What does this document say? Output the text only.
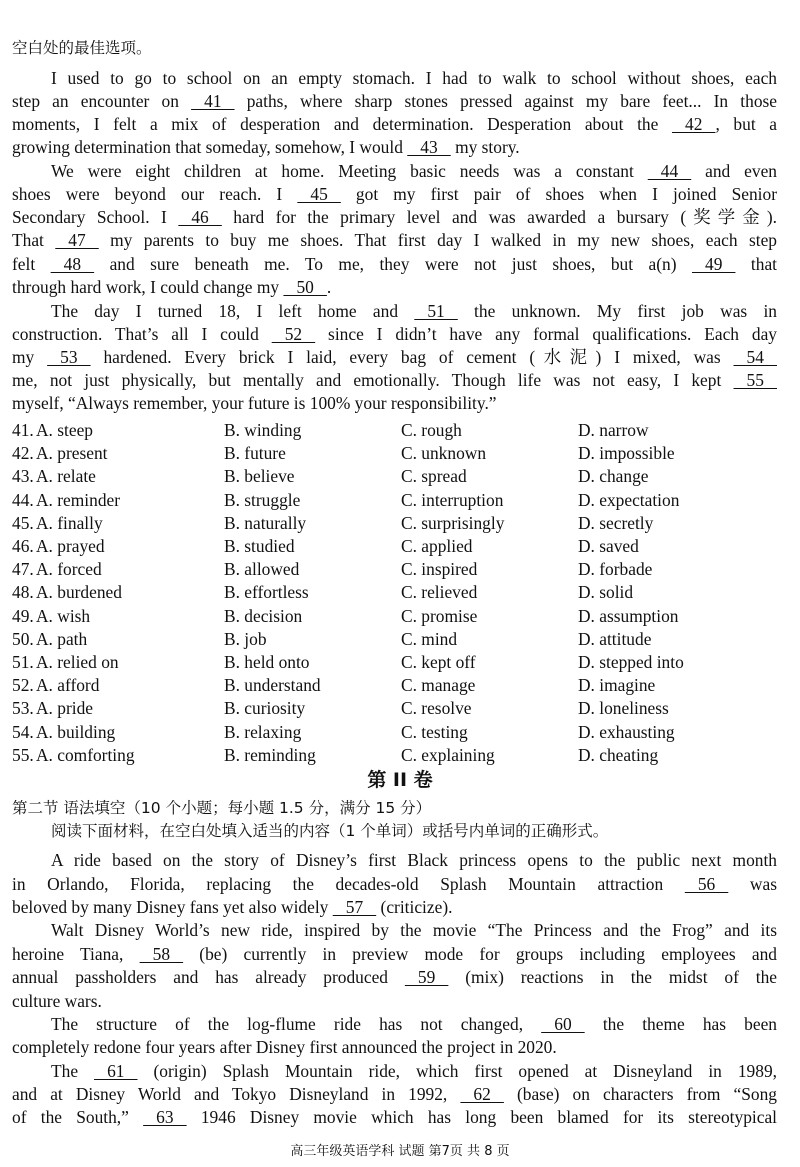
空白处的最佳选项。
I used to go to school on an empty stomach. I had to walk to school without shoes, each
step an encounter on    41    paths, where sharp stones pressed against my bare feet... In those
moments, I felt a mix of desperation and determination. Desperation about the    42   , but a
growing determination that someday, somehow, I would    43    my story.
We were eight children at home. Meeting basic needs was a constant    44    and even
shoes were beyond our reach. I    45    got my first pair of shoes when I joined Senior
Secondary School. I    46    hard for the primary level and was awarded a bursary (奖学金).
That    47    my parents to buy me shoes. That first day I walked in my new shoes, each step
felt    48    and sure beneath me. To me, they were not just shoes, but a(n)    49    that
through hard work, I could change my    50   .
The day I turned 18, I left home and    51    the unknown. My first job was in
construction. That’s all I could    52    since I didn’t have any formal qualifications. Each day
my    53    hardened. Every brick I laid, every bag of cement (水泥) I mixed, was    54
me, not just physically, but mentally and emotionally. Though life was not easy, I kept    55
myself, “Always remember, your future is 100% your responsibility.”
41. A. steep	B. winding	C. rough	D. narrow
42. A. present	B. future	C. unknown	D. impossible
43. A. relate	B. believe	C. spread	D. change
44. A. reminder	B. struggle	C. interruption	D. expectation
45. A. finally	B. naturally	C. surprisingly	D. secretly
46. A. prayed	B. studied	C. applied	D. saved
47. A. forced	B. allowed	C. inspired	D. forbade
48. A. burdened	B. effortless	C. relieved	D. solid
49. A. wish	B. decision	C. promise	D. assumption
50. A. path	B. job	C. mind	D. attitude
51. A. relied on	B. held onto	C. kept off	D. stepped into
52. A. afford	B. understand	C. manage	D. imagine
53. A. pride	B. curiosity	C. resolve	D. loneliness
54. A. building	B. relaxing	C. testing	D. exhausting
55. A. comforting	B. reminding	C. explaining	D. cheating
第 II 卷
第二节 语法填空（10 个小题；每小题 1.5 分，满分 15 分）
阅读下面材料，在空白处填入适当的内容（1 个单词）或括号内单词的正确形式。
A ride based on the story of Disney’s first Black princess opens to the public next month
in Orlando, Florida, replacing the decades-old Splash Mountain attraction    56    was
beloved by many Disney fans yet also widely    57    (criticize).
Walt Disney World’s new ride, inspired by the movie “The Princess and the Frog” and its
heroine Tiana,    58    (be) currently in preview mode for groups including employees and
annual passholders and has already produced    59    (mix) reactions in the midst of the
culture wars.
The structure of the log-flume ride has not changed,    60    the theme has been
completely redone four years after Disney first announced the project in 2020.
The    61    (origin) Splash Mountain ride, which first opened at Disneyland in 1989,
and at Disney World and Tokyo Disneyland in 1992,    62    (base) on characters from “Song
of the South,”    63    1946 Disney movie which has long been blamed for its stereotypical
高三年级英语学科 试题 第7页 共 8 页
